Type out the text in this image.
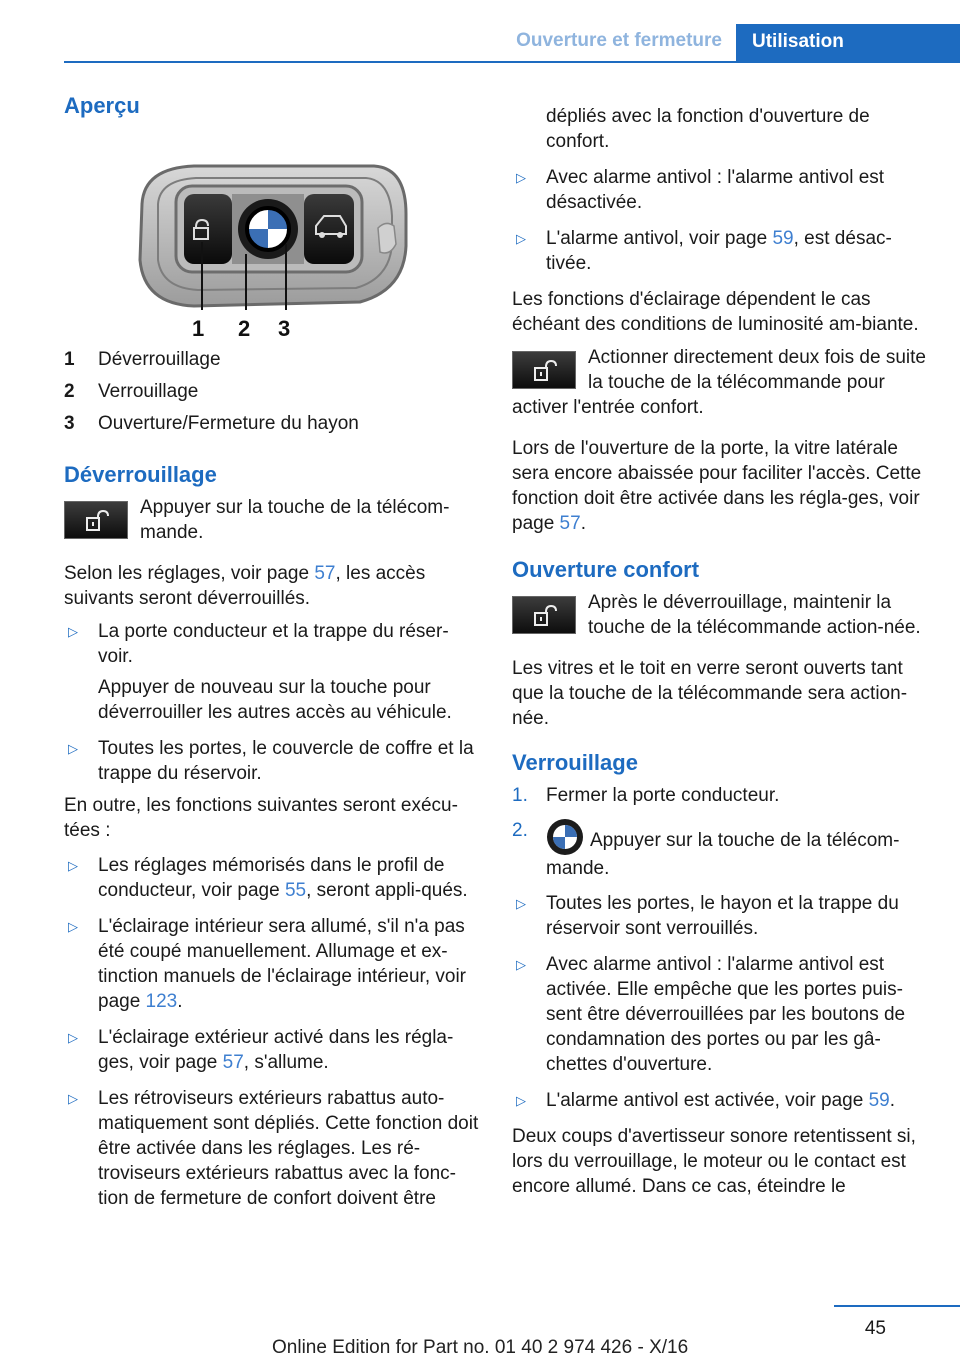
Ouverture et fermeture	Utilisation
Aperçu
1 2 3
1	Déverrouillage
2	Verrouillage
3	Ouverture/Fermeture du hayon
Déverrouillage

Appuyer sur la touche de la télécom‐mande.

Selon les réglages, voir page 57, les accès suivants seront déverrouillés.

▷ La porte conducteur et la trappe du réser‐voir.

Appuyer de nouveau sur la touche pour déverrouiller les autres accès au véhicule.

▷ Toutes les portes, le couvercle de coffre et la trappe du réservoir.

En outre, les fonctions suivantes seront exécu‐tées :

▷ Les réglages mémorisés dans le profil de conducteur, voir page 55, seront appli‐qués.
▷ L'éclairage intérieur sera allumé, s'il n'a pas été coupé manuellement. Allumage et ex‐tinction manuels de l'éclairage intérieur, voir page 123.
▷ L'éclairage extérieur activé dans les régla‐ges, voir page 57, s'allume.
▷ Les rétroviseurs extérieurs rabattus auto‐matiquement sont dépliés. Cette fonction doit être activée dans les réglages. Les ré‐troviseurs extérieurs rabattus avec la fonc‐tion de fermeture de confort doivent être

dépliés avec la fonction d'ouverture de confort.

▷ Avec alarme antivol : l'alarme antivol est désactivée.
▷ L'alarme antivol, voir page 59, est désac‐tivée.

Les fonctions d'éclairage dépendent le cas échéant des conditions de luminosité am‐biante.

Actionner directement deux fois de suite la touche de la télécommande pour activer l'entrée confort.

Lors de l'ouverture de la porte, la vitre latérale sera encore abaissée pour faciliter l'accès. Cette fonction doit être activée dans les régla‐ges, voir page 57.

Ouverture confort

Après le déverrouillage, maintenir la touche de la télécommande action‐née.

Les vitres et le toit en verre seront ouverts tant que la touche de la télécommande sera action‐née.

Verrouillage
1. Fermer la porte conducteur.
2.	Appuyer sur la touche de la télécom‐mande.
▷ Toutes les portes, le hayon et la trappe du réservoir sont verrouillés.
▷ Avec alarme antivol : l'alarme antivol est activée. Elle empêche que les portes puis‐sent être déverrouillées par les boutons de condamnation des portes ou par les gâ‐chettes d'ouverture.
▷ L'alarme antivol est activée, voir page 59.

Deux coups d'avertisseur sonore retentissent si, lors du verrouillage, le moteur ou le contact est encore allumé. Dans ce cas, éteindre le

45
Online Edition for Part no. 01 40 2 974 426 - X/16
